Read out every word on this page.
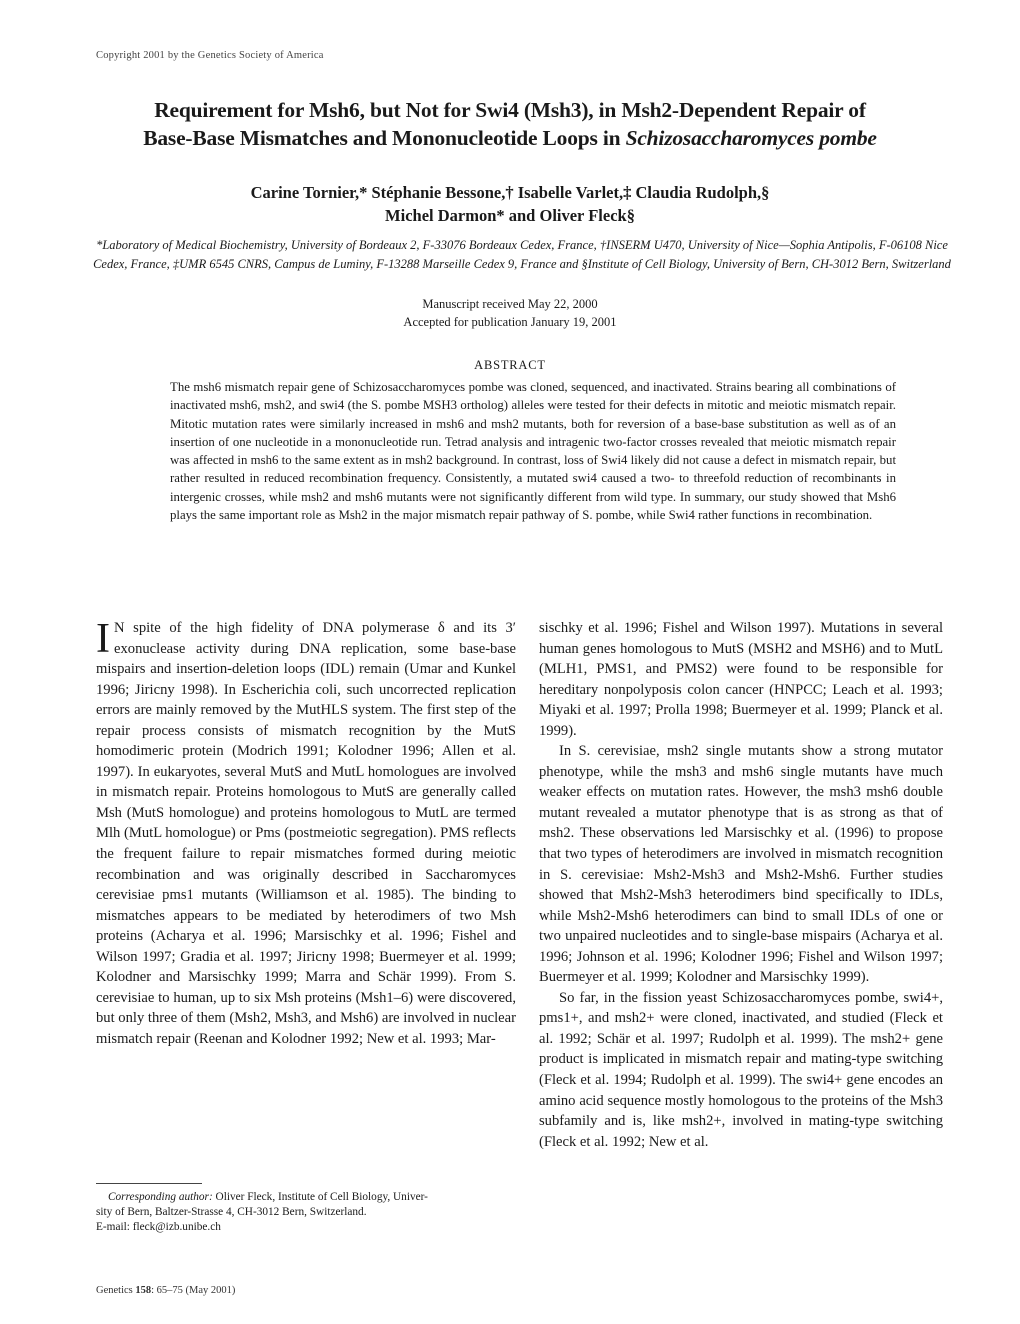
Copyright 2001 by the Genetics Society of America
Requirement for Msh6, but Not for Swi4 (Msh3), in Msh2-Dependent Repair of
Base-Base Mismatches and Mononucleotide Loops in Schizosaccharomyces pombe
Carine Tornier,* Stéphanie Bessone,† Isabelle Varlet,‡ Claudia Rudolph,§
Michel Darmon* and Oliver Fleck§
*Laboratory of Medical Biochemistry, University of Bordeaux 2, F-33076 Bordeaux Cedex, France, †INSERM U470, University of Nice—Sophia Antipolis, F-06108 Nice Cedex, France, ‡UMR 6545 CNRS, Campus de Luminy, F-13288 Marseille Cedex 9, France and §Institute of Cell Biology, University of Bern, CH-3012 Bern, Switzerland
Manuscript received May 22, 2000
Accepted for publication January 19, 2001
ABSTRACT
The msh6 mismatch repair gene of Schizosaccharomyces pombe was cloned, sequenced, and inactivated. Strains bearing all combinations of inactivated msh6, msh2, and swi4 (the S. pombe MSH3 ortholog) alleles were tested for their defects in mitotic and meiotic mismatch repair. Mitotic mutation rates were similarly increased in msh6 and msh2 mutants, both for reversion of a base-base substitution as well as of an insertion of one nucleotide in a mononucleotide run. Tetrad analysis and intragenic two-factor crosses revealed that meiotic mismatch repair was affected in msh6 to the same extent as in msh2 background. In contrast, loss of Swi4 likely did not cause a defect in mismatch repair, but rather resulted in reduced recombination frequency. Consistently, a mutated swi4 caused a two- to threefold reduction of recombinants in intergenic crosses, while msh2 and msh6 mutants were not significantly different from wild type. In summary, our study showed that Msh6 plays the same important role as Msh2 in the major mismatch repair pathway of S. pombe, while Swi4 rather functions in recombination.

I N spite of the high fidelity of DNA polymerase δ and its 3′ exonuclease activity during DNA replication, some base-base mispairs and insertion-deletion loops (IDL) remain (Umar and Kunkel 1996; Jiricny 1998). In Escherichia coli, such uncorrected replication errors are mainly removed by the MutHLS system. The first step of the repair process consists of mismatch recognition by the MutS homodimeric protein (Modrich 1991; Kolodner 1996; Allen et al. 1997). In eukaryotes, several MutS and MutL homologues are involved in mismatch repair. Proteins homologous to MutS are generally called Msh (MutS homologue) and proteins homologous to MutL are termed Mlh (MutL homologue) or Pms (postmeiotic segregation). PMS reflects the frequent failure to repair mismatches formed during meiotic recombination and was originally described in Saccharomyces cerevisiae pms1 mutants (Williamson et al. 1985). The binding to mismatches appears to be mediated by heterodimers of two Msh proteins (Acharya et al. 1996; Marsischky et al. 1996; Fishel and Wilson 1997; Gradia et al. 1997; Jiricny 1998; Buermeyer et al. 1999; Kolodner and Marsischky 1999; Marra and Schär 1999). From S. cerevisiae to human, up to six Msh proteins (Msh1–6) were discovered, but only three of them (Msh2, Msh3, and Msh6) are involved in nuclear mismatch repair (Reenan and Kolodner 1992; New et al. 1993; Mar-

sischky et al. 1996; Fishel and Wilson 1997). Mutations in several human genes homologous to MutS (MSH2 and MSH6) and to MutL (MLH1, PMS1, and PMS2) were found to be responsible for hereditary nonpolyposis colon cancer (HNPCC; Leach et al. 1993; Miyaki et al. 1997; Prolla 1998; Buermeyer et al. 1999; Planck et al. 1999).

In S. cerevisiae, msh2 single mutants show a strong mutator phenotype, while the msh3 and msh6 single mutants have much weaker effects on mutation rates. However, the msh3 msh6 double mutant revealed a mutator phenotype that is as strong as that of msh2. These observations led Marsischky et al. (1996) to propose that two types of heterodimers are involved in mismatch recognition in S. cerevisiae: Msh2-Msh3 and Msh2-Msh6. Further studies showed that Msh2-Msh3 heterodimers bind specifically to IDLs, while Msh2-Msh6 heterodimers can bind to small IDLs of one or two unpaired nucleotides and to single-base mispairs (Acharya et al. 1996; Johnson et al. 1996; Kolodner 1996; Fishel and Wilson 1997; Buermeyer et al. 1999; Kolodner and Marsischky 1999).

So far, in the fission yeast Schizosaccharomyces pombe, swi4+, pms1+, and msh2+ were cloned, inactivated, and studied (Fleck et al. 1992; Schär et al. 1997; Rudolph et al. 1999). The msh2+ gene product is implicated in mismatch repair and mating-type switching (Fleck et al. 1994; Rudolph et al. 1999). The swi4+ gene encodes an amino acid sequence mostly homologous to the proteins of the Msh3 subfamily and is, like msh2+, involved in mating-type switching (Fleck et al. 1992; New et al.

Corresponding author: Oliver Fleck, Institute of Cell Biology, Univer-
sity of Bern, Baltzer-Strasse 4, CH-3012 Bern, Switzerland.
E-mail: fleck@izb.unibe.ch
Genetics 158: 65–75 (May 2001)
